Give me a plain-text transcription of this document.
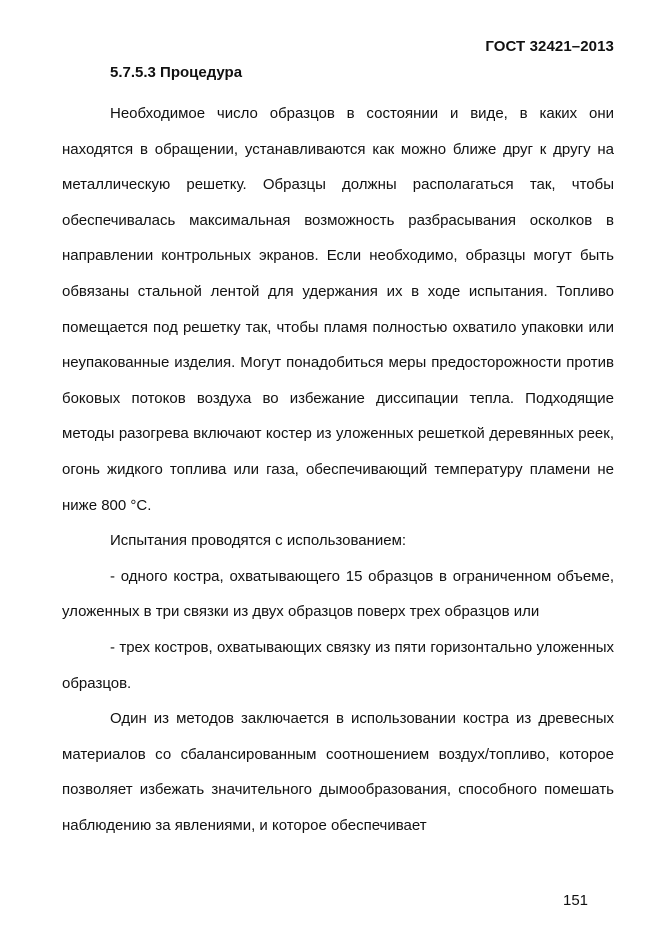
ГОСТ 32421–2013
5.7.5.3 Процедура

Необходимое число образцов в состоянии и виде, в каких они находятся в обращении, устанавливаются как можно ближе друг к другу на металлическую решетку. Образцы должны располагаться так, чтобы обеспечивалась максимальная возможность разбрасывания осколков в направлении контрольных экранов. Если необходимо, образцы могут быть обвязаны стальной лентой для удержания их в ходе испытания. Топливо помещается под решетку так, чтобы пламя полностью охватило упаковки или неупакованные изделия. Могут понадобиться меры предосторожности против боковых потоков воздуха во избежание диссипации тепла. Подходящие методы разогрева включают костер из уложенных решеткой деревянных реек, огонь жидкого топлива или газа, обеспечивающий температуру пламени не ниже 800 °С.

Испытания проводятся с использованием:

- одного костра, охватывающего 15 образцов в ограниченном объеме, уложенных в три связки из двух образцов поверх трех образцов или

- трех костров, охватывающих связку из пяти горизонтально уложенных образцов.

Один из методов заключается в использовании костра из древесных материалов со сбалансированным соотношением воздух/топливо, которое позволяет избежать значительного дымообразования, способного помешать наблюдению за явлениями, и которое обеспечивает

151
